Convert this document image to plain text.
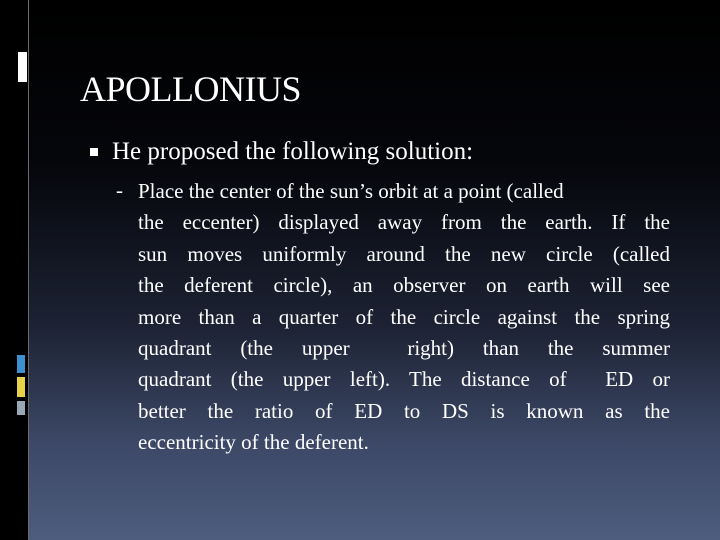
APOLLONIUS
He proposed the following solution:
- Place the center of the sun’s orbit at a point (called
the eccenter) displayed away from the earth. If the
sun moves uniformly around the new circle (called
the deferent circle), an observer on earth will see
more than a quarter of the circle against the spring
quadrant (the upper  right) than the summer
quadrant (the upper left). The distance of  ED or
better the ratio of ED to DS is known as the
eccentricity of the deferent.
